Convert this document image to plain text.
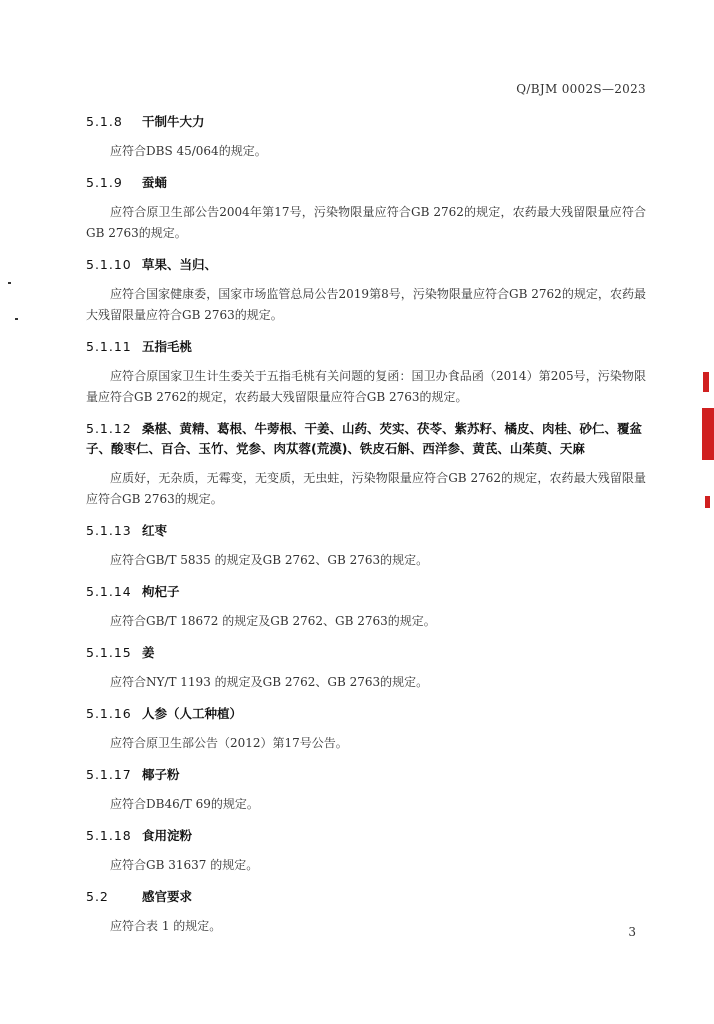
Q/BJM 0002S—2023

5.1.8 干制牛大力

应符合DBS 45/064的规定。

5.1.9 蚕蛹

应符合原卫生部公告2004年第17号，污染物限量应符合GB 2762的规定，农药最大残留限量应符合GB 2763的规定。

5.1.10 草果、当归、

应符合国家健康委，国家市场监管总局公告2019第8号，污染物限量应符合GB 2762的规定，农药最大残留限量应符合GB 2763的规定。

5.1.11 五指毛桃

应符合原国家卫生计生委关于五指毛桃有关问题的复函：国卫办食品函（2014）第205号，污染物限量应符合GB 2762的规定，农药最大残留限量应符合GB 2763的规定。

5.1.12 桑椹、黄精、葛根、牛蒡根、干姜、山药、芡实、茯苓、紫苏籽、橘皮、肉桂、砂仁、覆盆子、酸枣仁、百合、玉竹、党参、肉苁蓉(荒漠)、铁皮石斛、西洋参、黄芪、山茱萸、天麻

应质好，无杂质，无霉变，无变质，无虫蛀，污染物限量应符合GB 2762的规定，农药最大残留限量应符合GB 2763的规定。

5.1.13 红枣

应符合GB/T 5835 的规定及GB 2762、GB 2763的规定。

5.1.14 枸杞子

应符合GB/T 18672 的规定及GB 2762、GB 2763的规定。

5.1.15 姜

应符合NY/T 1193 的规定及GB 2762、GB 2763的规定。

5.1.16 人参（人工种植）

应符合原卫生部公告（2012）第17号公告。

5.1.17 椰子粉

应符合DB46/T 69的规定。

5.1.18 食用淀粉

应符合GB 31637 的规定。

5.2	感官要求

应符合表 1 的规定。	3
